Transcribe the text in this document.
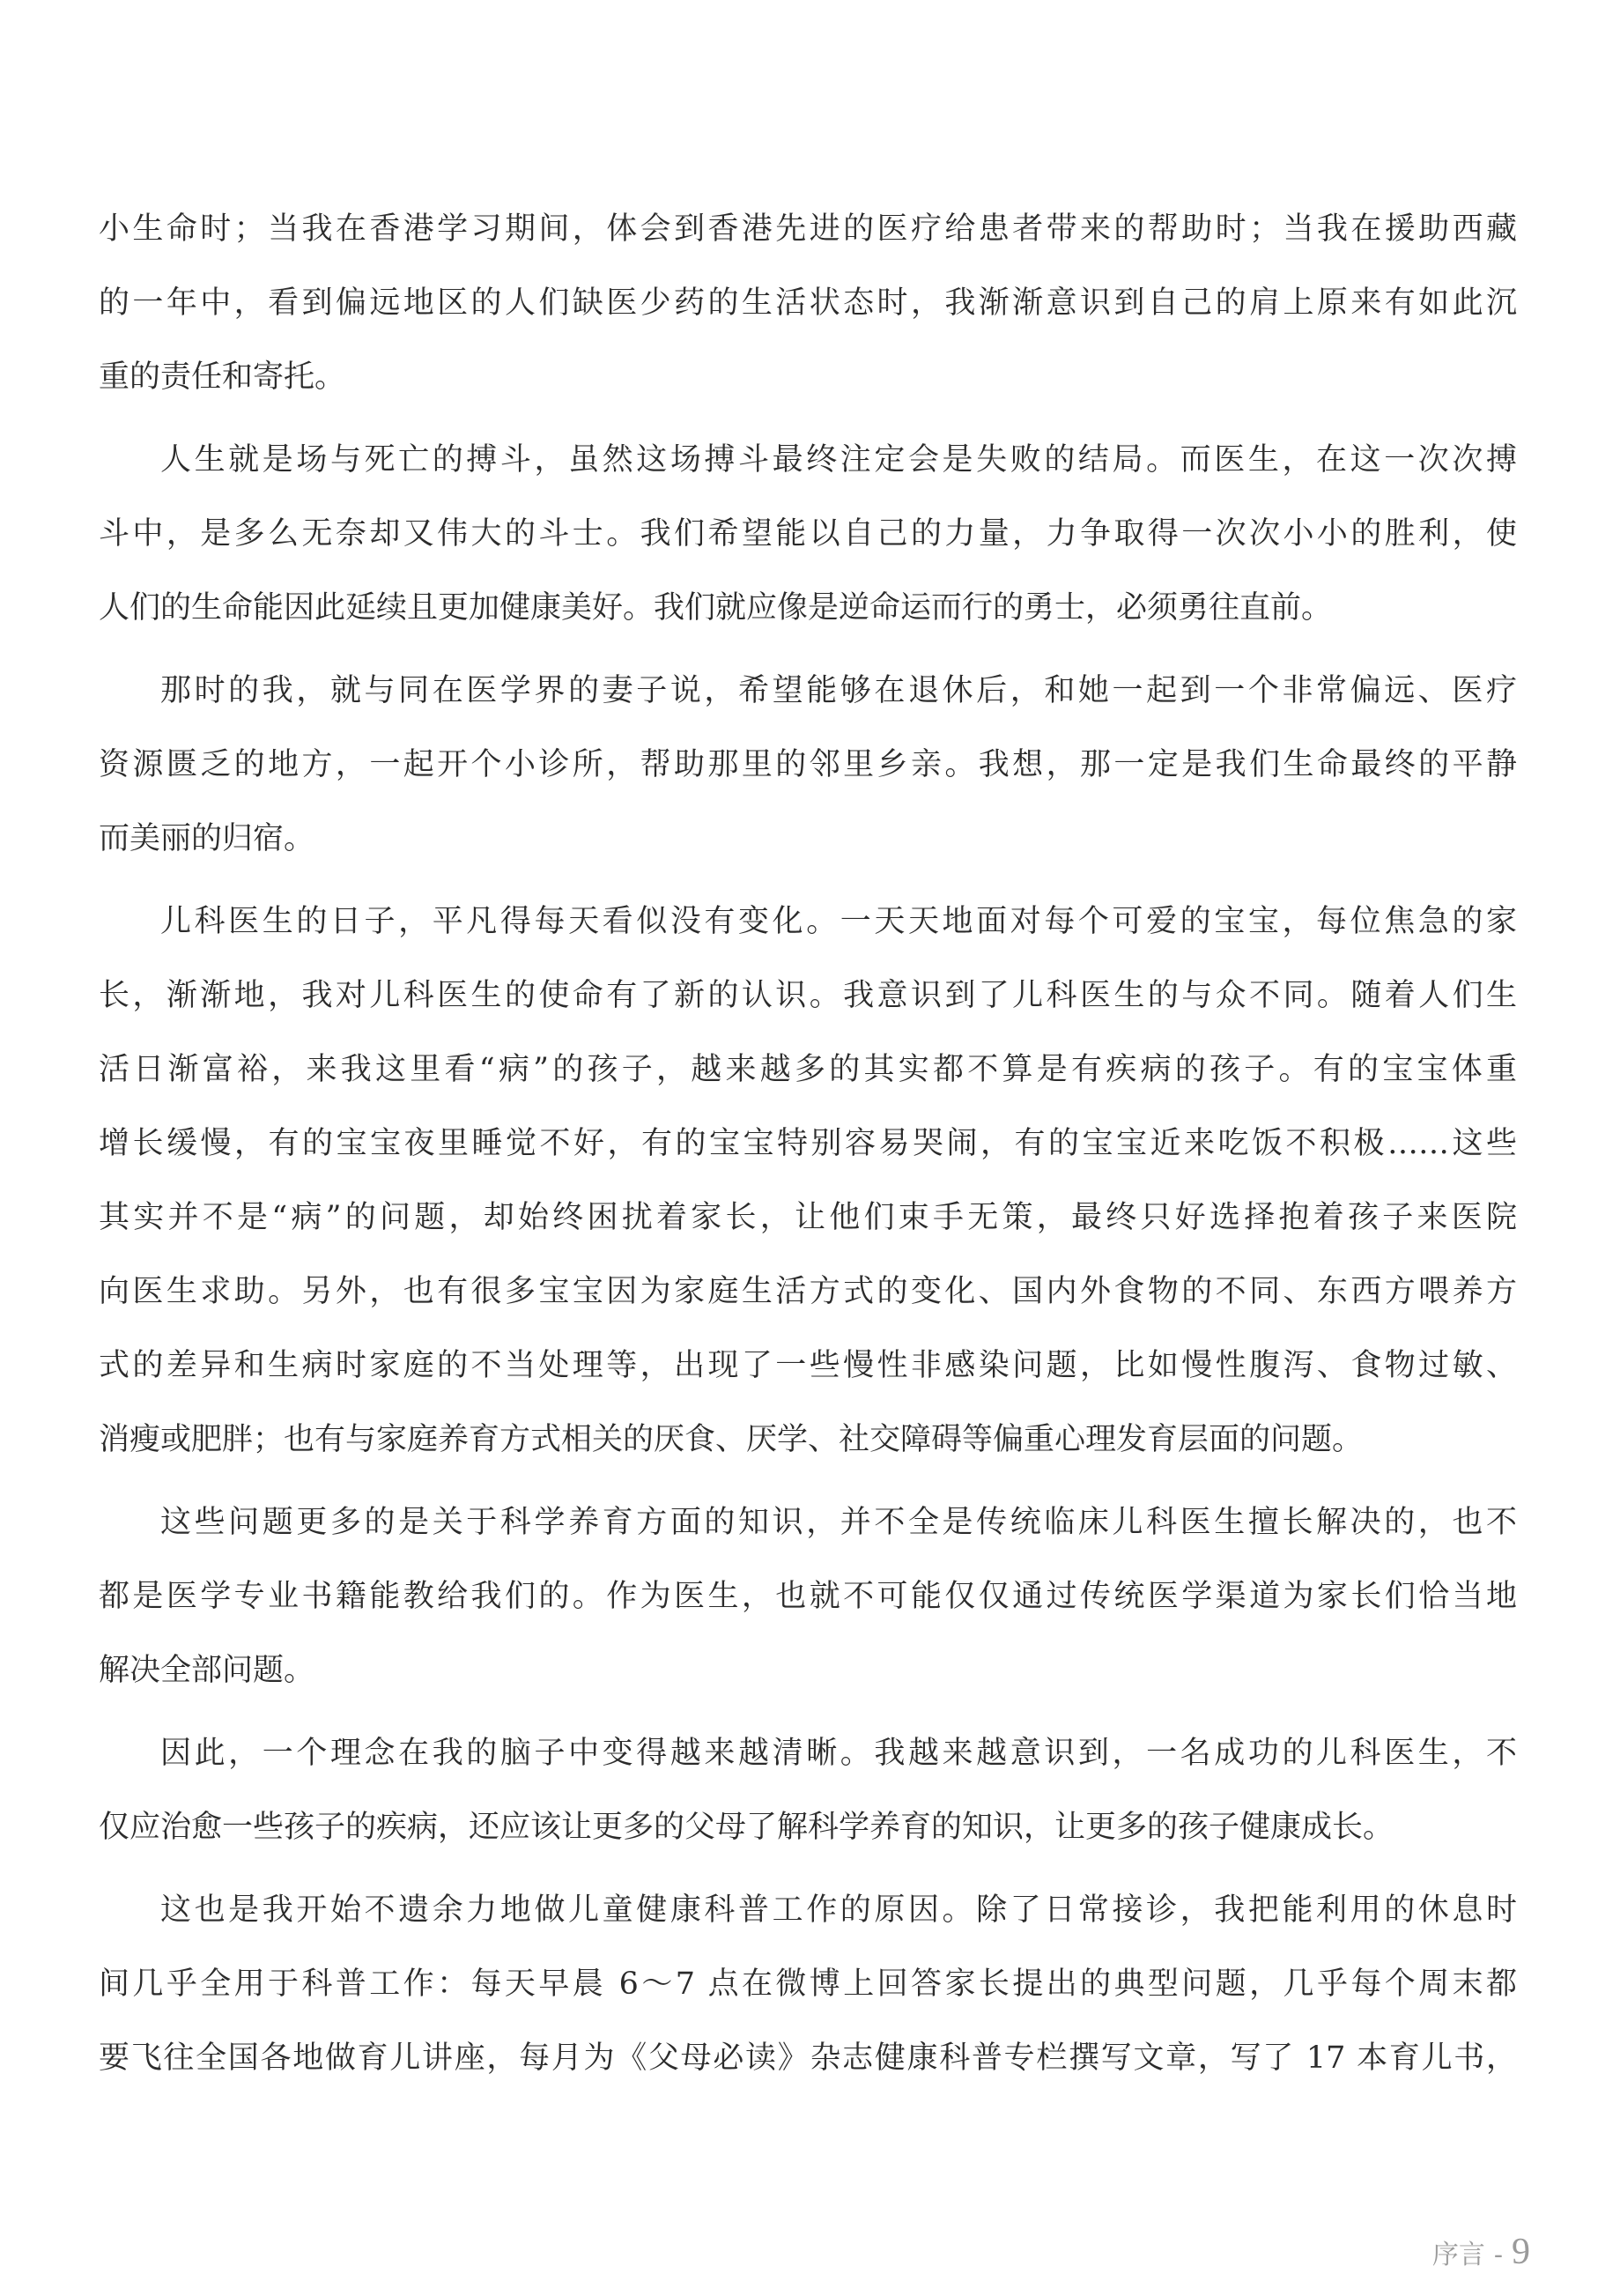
小生命时；当我在香港学习期间，体会到香港先进的医疗给患者带来的帮助时；当我在援助西藏
的一年中，看到偏远地区的人们缺医少药的生活状态时，我渐渐意识到自己的肩上原来有如此沉
重的责任和寄托。
人生就是场与死亡的搏斗，虽然这场搏斗最终注定会是失败的结局。而医生，在这一次次搏
斗中，是多么无奈却又伟大的斗士。我们希望能以自己的力量，力争取得一次次小小的胜利，使
人们的生命能因此延续且更加健康美好。我们就应像是逆命运而行的勇士，必须勇往直前。
那时的我，就与同在医学界的妻子说，希望能够在退休后，和她一起到一个非常偏远、医疗
资源匮乏的地方，一起开个小诊所，帮助那里的邻里乡亲。我想，那一定是我们生命最终的平静
而美丽的归宿。
儿科医生的日子，平凡得每天看似没有变化。一天天地面对每个可爱的宝宝，每位焦急的家
长，渐渐地，我对儿科医生的使命有了新的认识。我意识到了儿科医生的与众不同。随着人们生
活日渐富裕，来我这里看“病”的孩子，越来越多的其实都不算是有疾病的孩子。有的宝宝体重
增长缓慢，有的宝宝夜里睡觉不好，有的宝宝特别容易哭闹，有的宝宝近来吃饭不积极……这些
其实并不是“病”的问题，却始终困扰着家长，让他们束手无策，最终只好选择抱着孩子来医院
向医生求助。另外，也有很多宝宝因为家庭生活方式的变化、国内外食物的不同、东西方喂养方
式的差异和生病时家庭的不当处理等，出现了一些慢性非感染问题，比如慢性腹泻、食物过敏、
消瘦或肥胖；也有与家庭养育方式相关的厌食、厌学、社交障碍等偏重心理发育层面的问题。
这些问题更多的是关于科学养育方面的知识，并不全是传统临床儿科医生擅长解决的，也不
都是医学专业书籍能教给我们的。作为医生，也就不可能仅仅通过传统医学渠道为家长们恰当地
解决全部问题。
因此，一个理念在我的脑子中变得越来越清晰。我越来越意识到，一名成功的儿科医生，不
仅应治愈一些孩子的疾病，还应该让更多的父母了解科学养育的知识，让更多的孩子健康成长。
这也是我开始不遗余力地做儿童健康科普工作的原因。除了日常接诊，我把能利用的休息时
间几乎全用于科普工作：每天早晨 6～7 点在微博上回答家长提出的典型问题，几乎每个周末都
要飞往全国各地做育儿讲座，每月为《父母必读》杂志健康科普专栏撰写文章，写了 17 本育儿书，
序言 - 9
